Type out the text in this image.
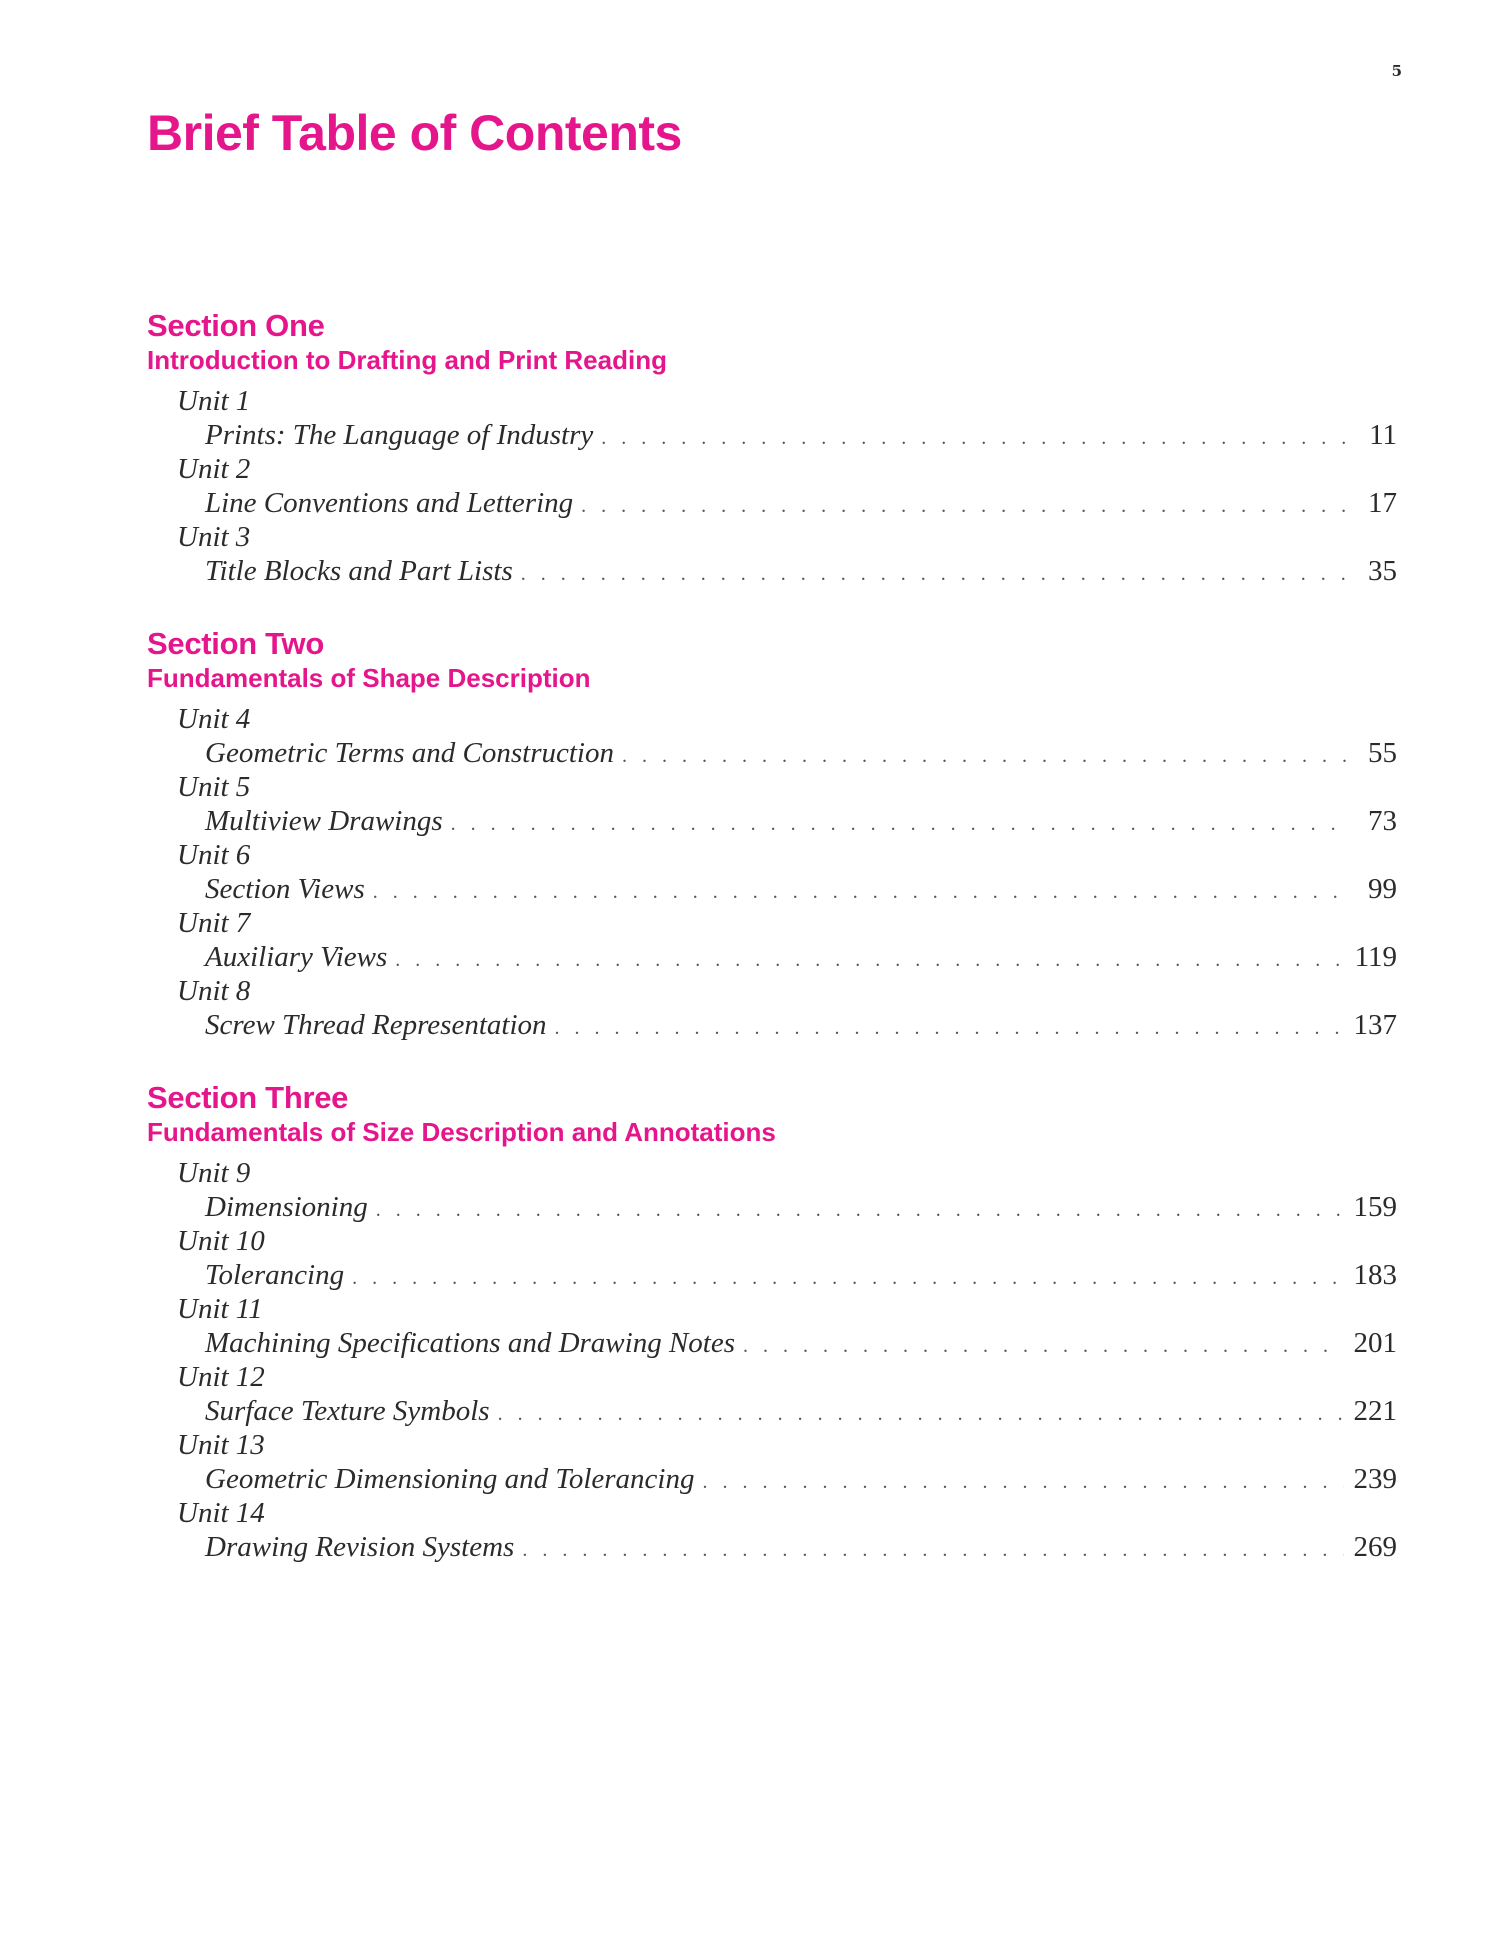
5
Brief Table of Contents
Section One
Introduction to Drafting and Print Reading
Unit 1
Prints: The Language of Industry . . .	11
Unit 2
Line Conventions and Lettering . . .	17
Unit 3
Title Blocks and Part Lists . . .	35
Section Two
Fundamentals of Shape Description
Unit 4
Geometric Terms and Construction . . .	55
Unit 5
Multiview Drawings . . .	73
Unit 6
Section Views . . .	99
Unit 7
Auxiliary Views . . .	119
Unit 8
Screw Thread Representation . . .	137
Section Three
Fundamentals of Size Description and Annotations
Unit 9
Dimensioning . . .	159
Unit 10
Tolerancing . . .	183
Unit 11
Machining Specifications and Drawing Notes . . .	201
Unit 12
Surface Texture Symbols . . .	221
Unit 13
Geometric Dimensioning and Tolerancing . . .	239
Unit 14
Drawing Revision Systems . . .	269
